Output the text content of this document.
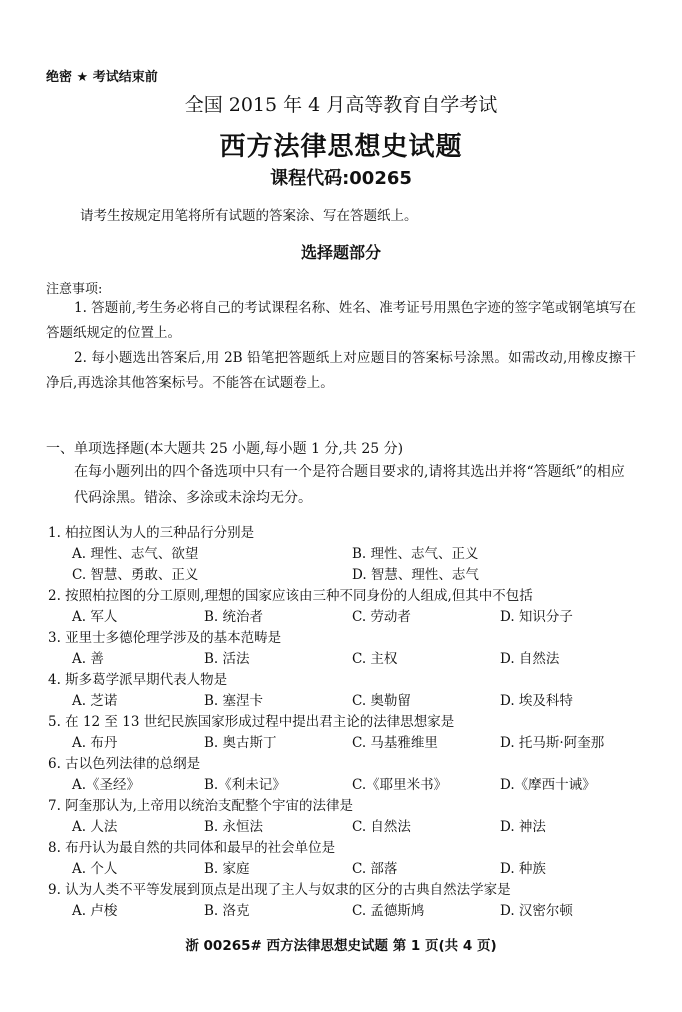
绝密 ★ 考试结束前
全国 2015 年 4 月高等教育自学考试
西方法律思想史试题
课程代码:00265
请考生按规定用笔将所有试题的答案涂、写在答题纸上。
选择题部分
注意事项:
1. 答题前,考生务必将自己的考试课程名称、姓名、准考证号用黑色字迹的签字笔或钢笔填写在答题纸规定的位置上。
2. 每小题选出答案后,用 2B 铅笔把答题纸上对应题目的答案标号涂黑。如需改动,用橡皮擦干净后,再选涂其他答案标号。不能答在试题卷上。
一、单项选择题(本大题共 25 小题,每小题 1 分,共 25 分)
在每小题列出的四个备选项中只有一个是符合题目要求的,请将其选出并将“答题纸”的相应代码涂黑。错涂、多涂或未涂均无分。
1. 柏拉图认为人的三种品行分别是
A. 理性、志气、欲望	B. 理性、志气、正义
C. 智慧、勇敢、正义	D. 智慧、理性、志气
2. 按照柏拉图的分工原则,理想的国家应该由三种不同身份的人组成,但其中不包括
A. 军人	B. 统治者	C. 劳动者	D. 知识分子
3. 亚里士多德伦理学涉及的基本范畴是
A. 善	B. 活法	C. 主权	D. 自然法
4. 斯多葛学派早期代表人物是
A. 芝诺	B. 塞涅卡	C. 奥勒留	D. 埃及科特
5. 在 12 至 13 世纪民族国家形成过程中提出君主论的法律思想家是
A. 布丹	B. 奥古斯丁	C. 马基雅维里	D. 托马斯·阿奎那
6. 古以色列法律的总纲是
A.《圣经》	B.《利未记》	C.《耶里米书》	D.《摩西十诫》
7. 阿奎那认为,上帝用以统治支配整个宇宙的法律是
A. 人法	B. 永恒法	C. 自然法	D. 神法
8. 布丹认为最自然的共同体和最早的社会单位是
A. 个人	B. 家庭	C. 部落	D. 种族
9. 认为人类不平等发展到顶点是出现了主人与奴隶的区分的古典自然法学家是
A. 卢梭	B. 洛克	C. 孟德斯鸠	D. 汉密尔顿
浙 00265# 西方法律思想史试题 第 1 页(共 4 页)
